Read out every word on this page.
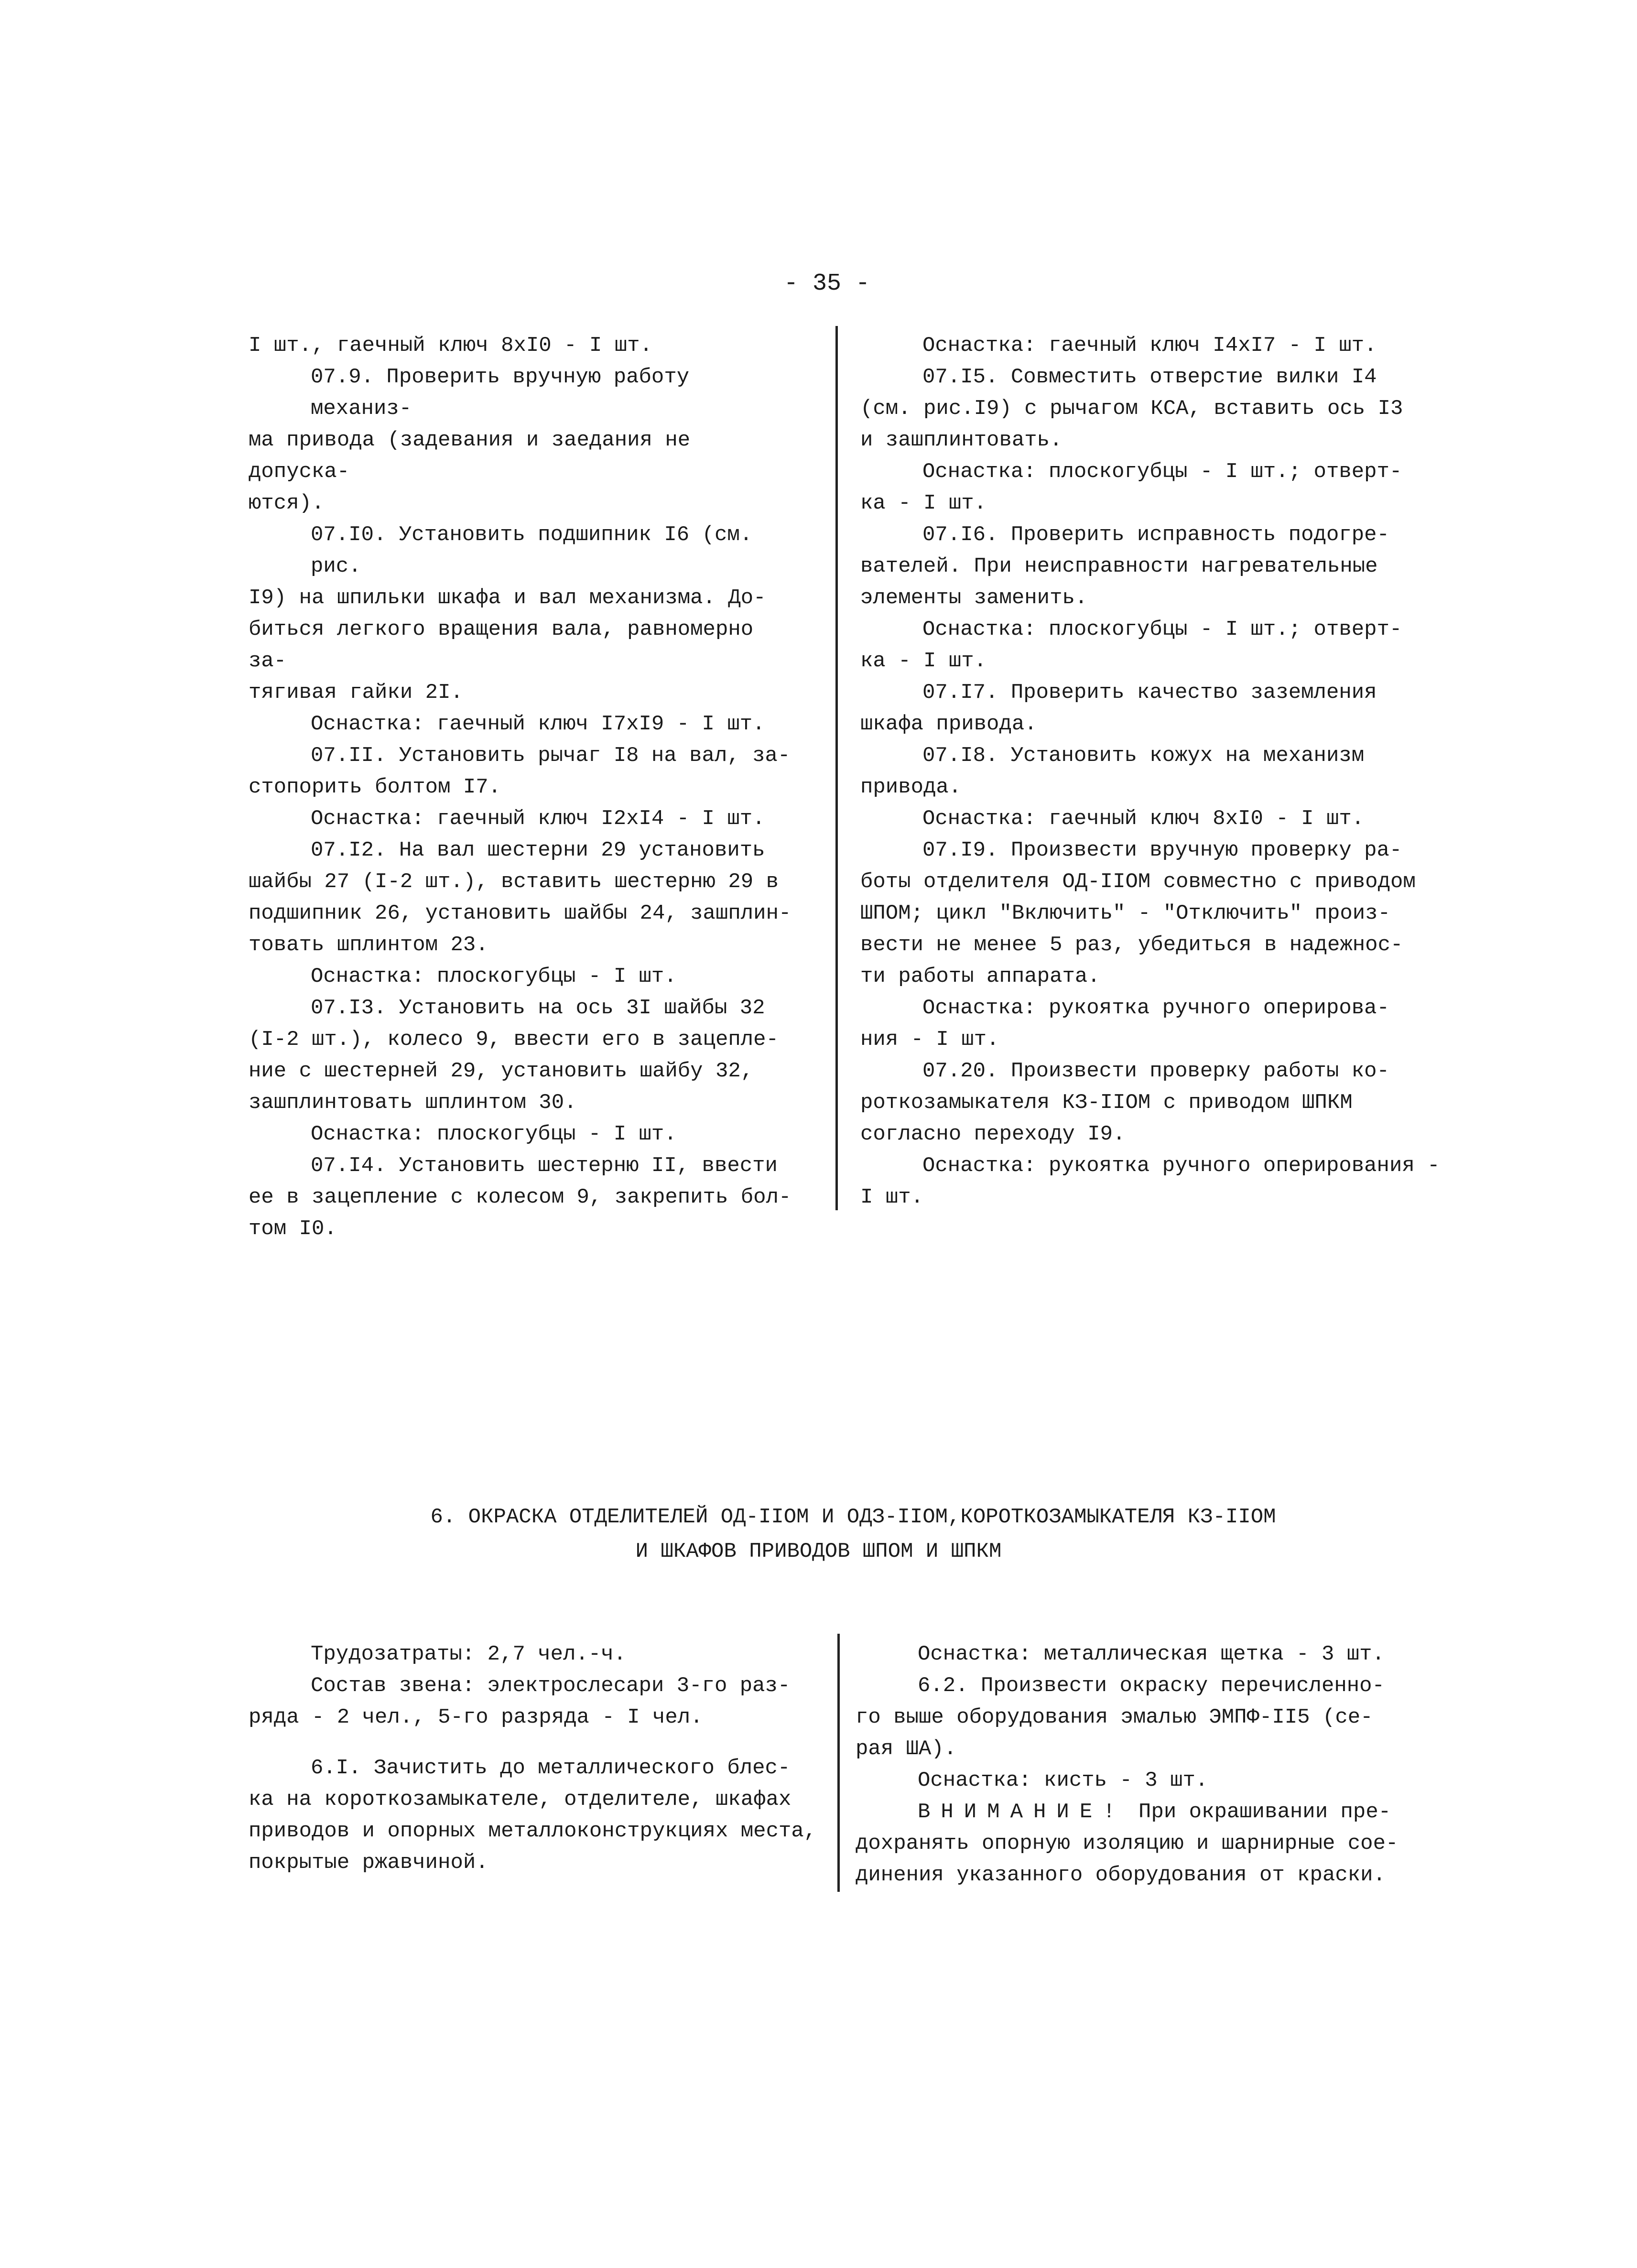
- 35 -

I шт., гаечный ключ 8xI0 - I шт.

07.9. Проверить вручную работу механиз-

ма привода (задевания и заедания не допуска-

ются).

07.I0. Установить подшипник I6 (см. рис.

I9) на шпильки шкафа и вал механизма. До-

биться легкого вращения вала, равномерно за-

тягивая гайки 2I.

Оснастка: гаечный ключ I7xI9 - I шт.

07.II. Установить рычаг I8 на вал, за-

стопорить болтом I7.

Оснастка: гаечный ключ I2xI4 - I шт.

07.I2. На вал шестерни 29 установить

шайбы 27 (I-2 шт.), вставить шестерню 29 в

подшипник 26, установить шайбы 24, зашплин-

товать шплинтом 23.

Оснастка: плоскогубцы - I шт.

07.I3. Установить на ось 3I шайбы 32

(I-2 шт.), колесо 9, ввести его в зацепле-

ние с шестерней 29, установить шайбу 32,

зашплинтовать шплинтом 30.

Оснастка: плоскогубцы - I шт.

07.I4. Установить шестерню II, ввести

ее в зацепление с колесом 9, закрепить бол-

том I0.

Оснастка: гаечный ключ I4xI7 - I шт.

07.I5. Совместить отверстие вилки I4

(см. рис.I9) с рычагом КСА, вставить ось I3

и зашплинтовать.

Оснастка: плоскогубцы - I шт.; отверт-

ка - I шт.

07.I6. Проверить исправность подогре-

вателей. При неисправности нагревательные

элементы заменить.

Оснастка: плоскогубцы - I шт.; отверт-

ка - I шт.

07.I7. Проверить качество заземления

шкафа привода.

07.I8. Установить кожух на механизм

привода.

Оснастка: гаечный ключ 8xI0 - I шт.

07.I9. Произвести вручную проверку ра-

боты отделителя ОД-IIОМ совместно с приводом

ШПОМ; цикл "Включить" - "Отключить" произ-

вести не менее 5 раз, убедиться в надежнос-

ти работы аппарата.

Оснастка: рукоятка ручного оперирова-

ния - I шт.

07.20. Произвести проверку работы ко-

роткозамыкателя КЗ-IIОМ с приводом ШПКМ

согласно переходу I9.

Оснастка: рукоятка ручного оперирования -

I шт.

6. ОКРАСКА ОТДЕЛИТЕЛЕЙ ОД-IIОМ И ОДЗ-IIОМ,КОРОТКОЗАМЫКАТЕЛЯ КЗ-IIОМ

И ШКАФОВ ПРИВОДОВ ШПОМ И ШПКМ

Трудозатраты: 2,7 чел.-ч.

Состав звена: электрослесари 3-го раз-

ряда - 2 чел., 5-го разряда - I чел.

6.I. Зачистить до металлического блес-

ка на короткозамыкателе, отделителе, шкафах

приводов и опорных металлоконструкциях места,

покрытые ржавчиной.

Оснастка: металлическая щетка - 3 шт.

6.2. Произвести окраску перечисленно-

го выше оборудования эмалью ЭМПФ-II5 (се-

рая ША).

Оснастка: кисть - 3 шт.

ВНИМАНИЕ! При окрашивании пре-

дохранять опорную изоляцию и шарнирные сое-

динения указанного оборудования от краски.
